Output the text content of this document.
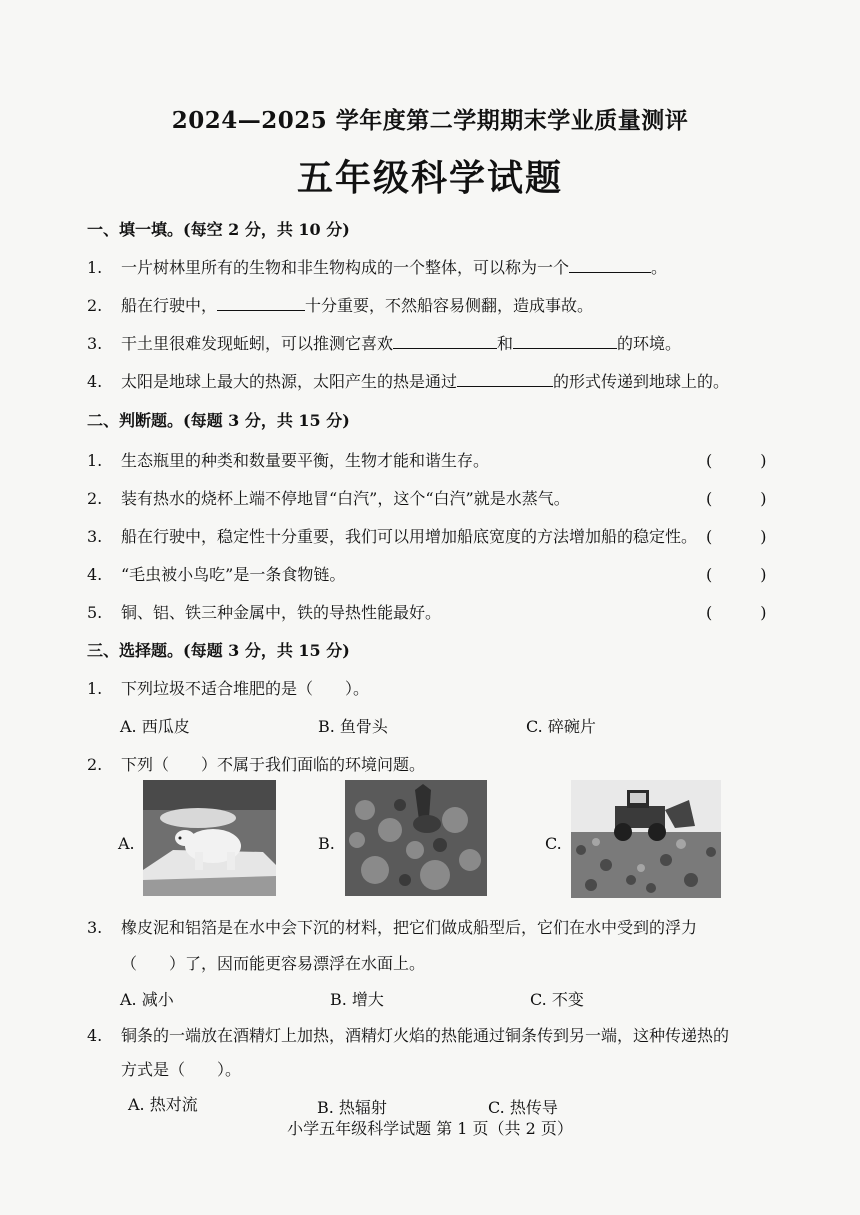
2024—2025 学年度第二学期期末学业质量测评
五年级科学试题
一、填一填。(每空 2 分，共 10 分)
1. 一片树林里所有的生物和非生物构成的一个整体，可以称为一个	。
2. 船在行驶中，	十分重要，不然船容易侧翻，造成事故。
3. 干土里很难发现蚯蚓，可以推测它喜欢	和	的环境。
4. 太阳是地球上最大的热源，太阳产生的热是通过	的形式传递到地球上的。
二、判断题。(每题 3 分，共 15 分)
1. 生态瓶里的种类和数量要平衡，生物才能和谐生存。	(　　　)
2. 装有热水的烧杯上端不停地冒“白汽”，这个“白汽”就是水蒸气。	(　　　)
3. 船在行驶中，稳定性十分重要，我们可以用增加船底宽度的方法增加船的稳定性。 (　　　)
4. “毛虫被小鸟吃”是一条食物链。	(　　　)
5. 铜、铝、铁三种金属中，铁的导热性能最好。	(　　　)
三、选择题。(每题 3 分，共 15 分)
1. 下列垃圾不适合堆肥的是（　　）。
A. 西瓜皮	B. 鱼骨头	C. 碎碗片
2. 下列（　　）不属于我们面临的环境问题。
A.	B.	C.
3. 橡皮泥和铝箔是在水中会下沉的材料，把它们做成船型后，它们在水中受到的浮力
（　　）了，因而能更容易漂浮在水面上。
A. 减小	B. 增大	C. 不变
4. 铜条的一端放在酒精灯上加热，酒精灯火焰的热能通过铜条传到另一端，这种传递热的
方式是（　　）。
A. 热对流	B. 热辐射	C. 热传导
小学五年级科学试题 第 1 页（共 2 页）
